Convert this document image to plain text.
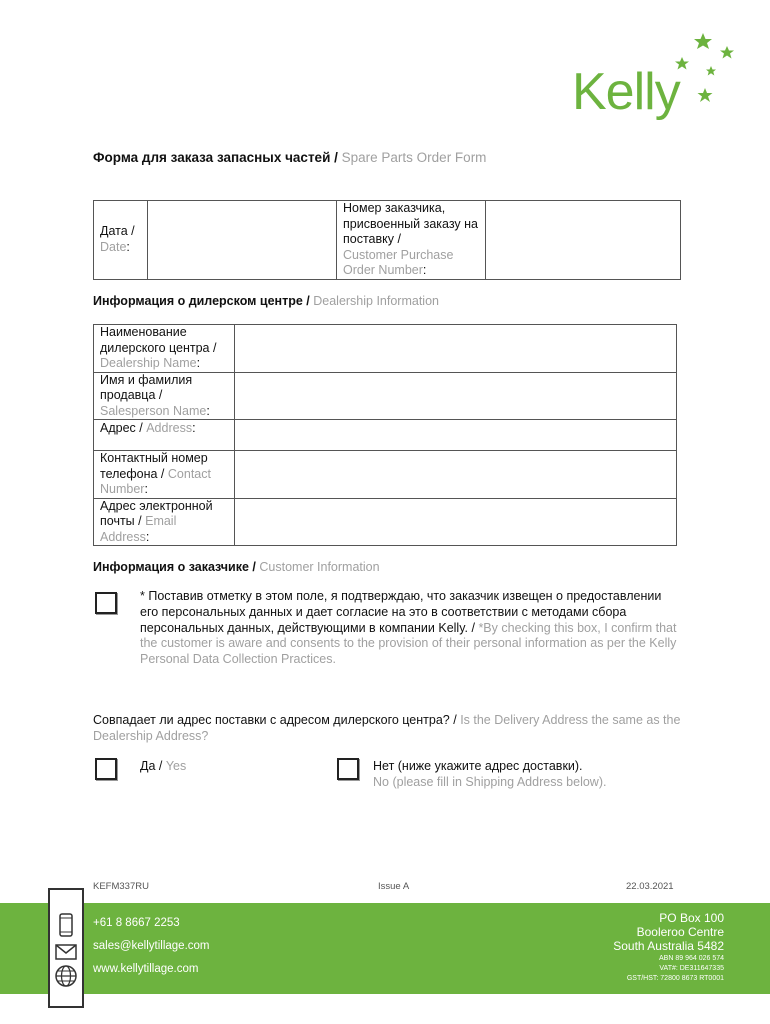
Kelly
Форма для заказа запасных частей / Spare Parts Order Form
Дата /
Date:		Номер заказчика, присвоенный заказу на поставку /
Customer Purchase Order Number:	
Информация о дилерском центре / Dealership Information
Наименование дилерского центра / Dealership Name:	
Имя и фамилия продавца / Salesperson Name:	
Адрес / Address:	
Контактный номер телефона / Contact Number:	
Адрес электронной почты / Email Address:	
Информация о заказчике / Customer Information
* Поставив отметку в этом поле, я подтверждаю, что заказчик извещен о предоставлении его персональных данных и дает согласие на это в соответствии с методами сбора персональных данных, действующими в компании Kelly. / *By checking this box, I confirm that the customer is aware and consents to the provision of their personal information as per the Kelly Personal Data Collection Practices.
Совпадает ли адрес поставки с адресом дилерского центра? / Is the Delivery Address the same as the Dealership Address?
Да / Yes	Нет (ниже укажите адрес доставки).
No (please fill in Shipping Address below).
KEFM337RU	Issue A	22.03.2021
+61 8 8667 2253
sales@kellytillage.com
www.kellytillage.com
PO Box 100
Booleroo Centre
South Australia 5482
ABN 89 964 026 574
VAT#: DE311647335
GST/HST: 72800 8673 RT0001
